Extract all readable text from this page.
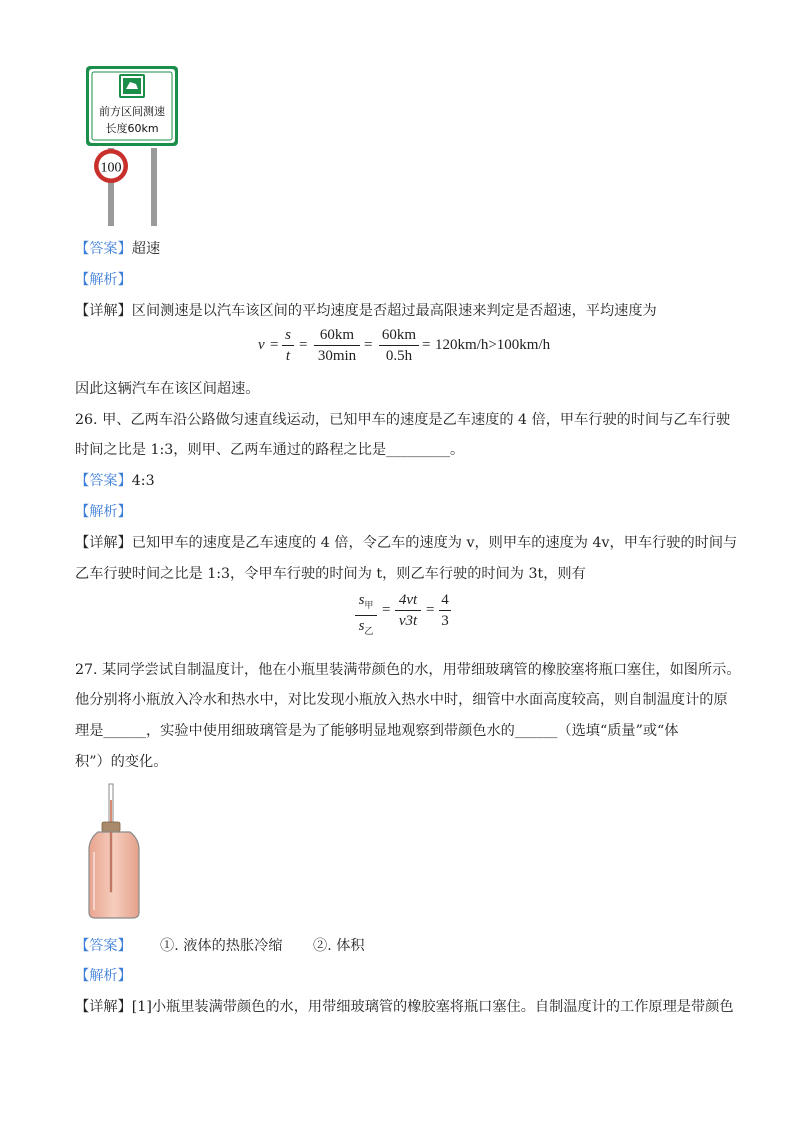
前方区间测速
长度60km
100
【答案】超速
【解析】
【详解】区间测速是以汽车该区间的平均速度是否超过最高限速来判定是否超速，平均速度为
v =
s
t
=
60km
30min
=
60km
0.5h
= 120km/h>100km/h
因此这辆汽车在该区间超速。
26. 甲、乙两车沿公路做匀速直线运动，已知甲车的速度是乙车速度的 4 倍，甲车行驶的时间与乙车行驶
时间之比是 1:3，则甲、乙两车通过的路程之比是_________。
【答案】4:3
【解析】
【详解】已知甲车的速度是乙车速度的 4 倍，令乙车的速度为 v，则甲车的速度为 4v，甲车行驶的时间与
乙车行驶时间之比是 1:3，令甲车行驶的时间为 t，则乙车行驶的时间为 3t，则有
$s_甲$
$s_乙$
=
4vt
v3t
=
4
3
27. 某同学尝试自制温度计，他在小瓶里装满带颜色的水，用带细玻璃管的橡胶塞将瓶口塞住，如图所示。
他分别将小瓶放入冷水和热水中，对比发现小瓶放入热水中时，细管中水面高度较高，则自制温度计的原
理是______，实验中使用细玻璃管是为了能够明显地观察到带颜色水的______（选填“质量”或“体
积”）的变化。
【答案】 ①. 液体的热胀冷缩 ②. 体积
【解析】
【详解】[1]小瓶里装满带颜色的水，用带细玻璃管的橡胶塞将瓶口塞住。自制温度计的工作原理是带颜色
